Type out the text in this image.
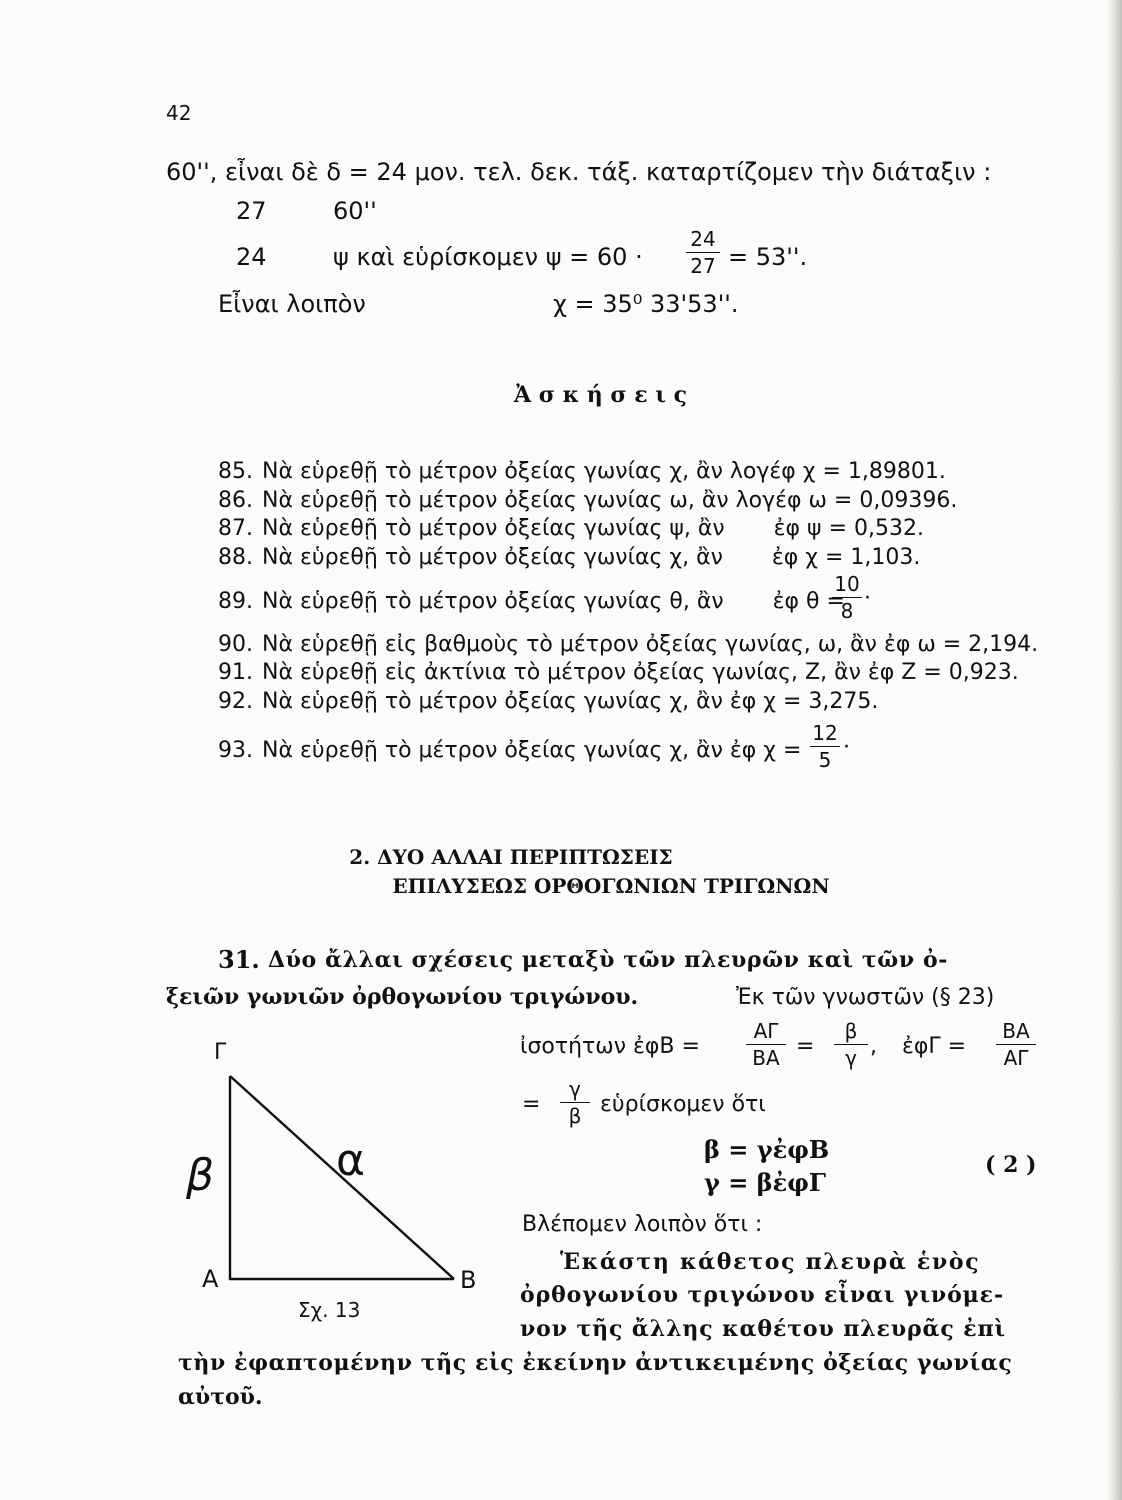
42
60'', εἶναι δὲ δ = 24 μον. τελ. δεκ. τάξ. καταρτίζομεν τὴν διάταξιν :
27	60''
24	ψ καὶ εὑρίσκομεν ψ = 60 ·
24
27 = 53''.
Εἶναι λοιπὸν	χ = 35⁰ 33'53''.
Ἀ σ κ ή σ ε ι ς
85. Νὰ εὑρεθῇ τὸ μέτρον ὀξείας γωνίας χ, ἂν λογέφ χ = 1,89801.
86. Νὰ εὑρεθῇ τὸ μέτρον ὀξείας γωνίας ω, ἂν λογέφ ω = 0,09396.
87. Νὰ εὑρεθῇ τὸ μέτρον ὀξείας γωνίας ψ, ἂν       ἐφ ψ = 0,532.
88. Νὰ εὑρεθῇ τὸ μέτρον ὀξείας γωνίας χ, ἂν       ἐφ χ = 1,103.
89. Νὰ εὑρεθῇ τὸ μέτρον ὀξείας γωνίας θ, ἂν       ἐφ θ =
10
8 ·
90. Νὰ εὑρεθῇ εἰς βαθμοὺς τὸ μέτρον ὀξείας γωνίας, ω, ἂν ἐφ ω = 2,194.
91. Νὰ εὑρεθῇ εἰς ἀκτίνια τὸ μέτρον ὀξείας γωνίας, Ζ, ἂν ἐφ Ζ = 0,923.
92. Νὰ εὑρεθῇ τὸ μέτρον ὀξείας γωνίας χ, ἂν ἐφ χ = 3,275.
93. Νὰ εὑρεθῇ τὸ μέτρον ὀξείας γωνίας χ, ἂν ἐφ χ =
12
5 ·
2. ΔΥΟ ΑΛΛΑΙ ΠΕΡΙΠΤΩΣΕΙΣ
ΕΠΙΛΥΣΕΩΣ ΟΡΘΟΓΩΝΙΩΝ ΤΡΙΓΩΝΩΝ
31. Δύο ἄλλαι σχέσεις μεταξὺ τῶν πλευρῶν καὶ τῶν ὀ-
ξειῶν γωνιῶν ὀρθογωνίου τριγώνου.	Ἐκ τῶν γνωστῶν (§ 23)
ἰσοτήτων ἐφΒ =
ΑΓ
ΒΑ =
β
γ , ἐφΓ =
ΒΑ
ΑΓ
=
γ
β εὑρίσκομεν ὅτι
β = γἐφΒ
γ = βἐφΓ
( 2 )
Βλέπομεν λοιπὸν ὅτι :
Ἑκάστη κάθετος πλευρὰ ἑνὸς
ὀρθογωνίου τριγώνου εἶναι γινόμε-
νον τῆς ἄλλης καθέτου πλευρᾶς ἐπὶ
τὴν ἐφαπτομένην τῆς εἰς ἐκείνην ἀντικειμένης ὀξείας γωνίας
αὐτοῦ.
Γ
Α	Β
β	α
Σχ. 13
